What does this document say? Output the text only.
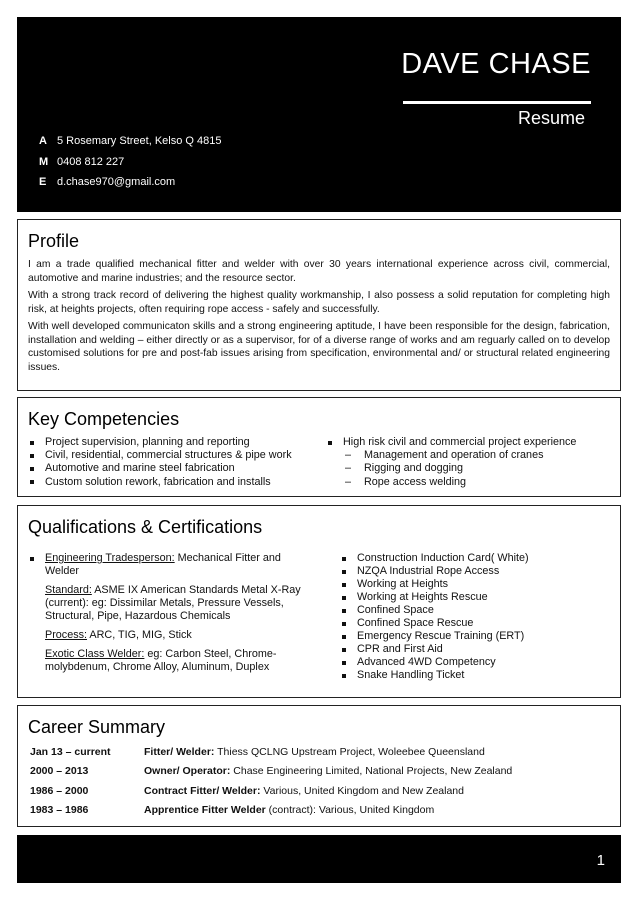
DAVE CHASE
Resume
A 5 Rosemary Street, Kelso Q 4815
M 0408 812 227
E d.chase970@gmail.com
Profile

I am a trade qualified mechanical fitter and welder with over 30 years international experience across civil, commercial, automotive and marine industries; and the resource sector.

With a strong track record of delivering the highest quality workmanship, I also possess a solid reputation for completing high risk, at heights projects, often requiring rope access - safely and successfully.

With well developed communicaton skills and a strong engineering aptitude, I have been responsible for the design, fabrication, installation and welding – either directly or as a supervisor, for of a diverse range of works and am reguarly called on to develop customised solutions for pre and post-fab issues arising from specification, environmental and/ or structural related engineering issues.

Key Competencies
Project supervision, planning and reporting
Civil, residential, commercial structures & pipe work
Automotive and marine steel fabrication
Custom solution rework, fabrication and installs
High risk civil and commercial project experience
–	Management and operation of cranes
–	Rigging and dogging
–	Rope access welding
Qualifications & Certifications
Engineering Tradesperson: Mechanical Fitter and Welder
Standard: ASME IX American Standards Metal X-Ray (current): eg: Dissimilar Metals, Pressure Vessels, Structural, Pipe, Hazardous Chemicals
Process: ARC, TIG, MIG, Stick
Exotic Class Welder: eg: Carbon Steel, Chrome-molybdenum, Chrome Alloy, Aluminum, Duplex
Construction Induction Card( White)
NZQA Industrial Rope Access
Working at Heights
Working at Heights Rescue
Confined Space
Confined Space Rescue
Emergency Rescue Training (ERT)
CPR and First Aid
Advanced 4WD Competency
Snake Handling Ticket
Career Summary
Jan 13 – current	Fitter/ Welder: Thiess QCLNG Upstream Project, Woleebee Queensland
2000 – 2013	Owner/ Operator: Chase Engineering Limited, National Projects, New Zealand
1986 – 2000	Contract Fitter/ Welder: Various, United Kingdom and New Zealand
1983 – 1986	Apprentice Fitter Welder (contract): Various, United Kingdom
1
